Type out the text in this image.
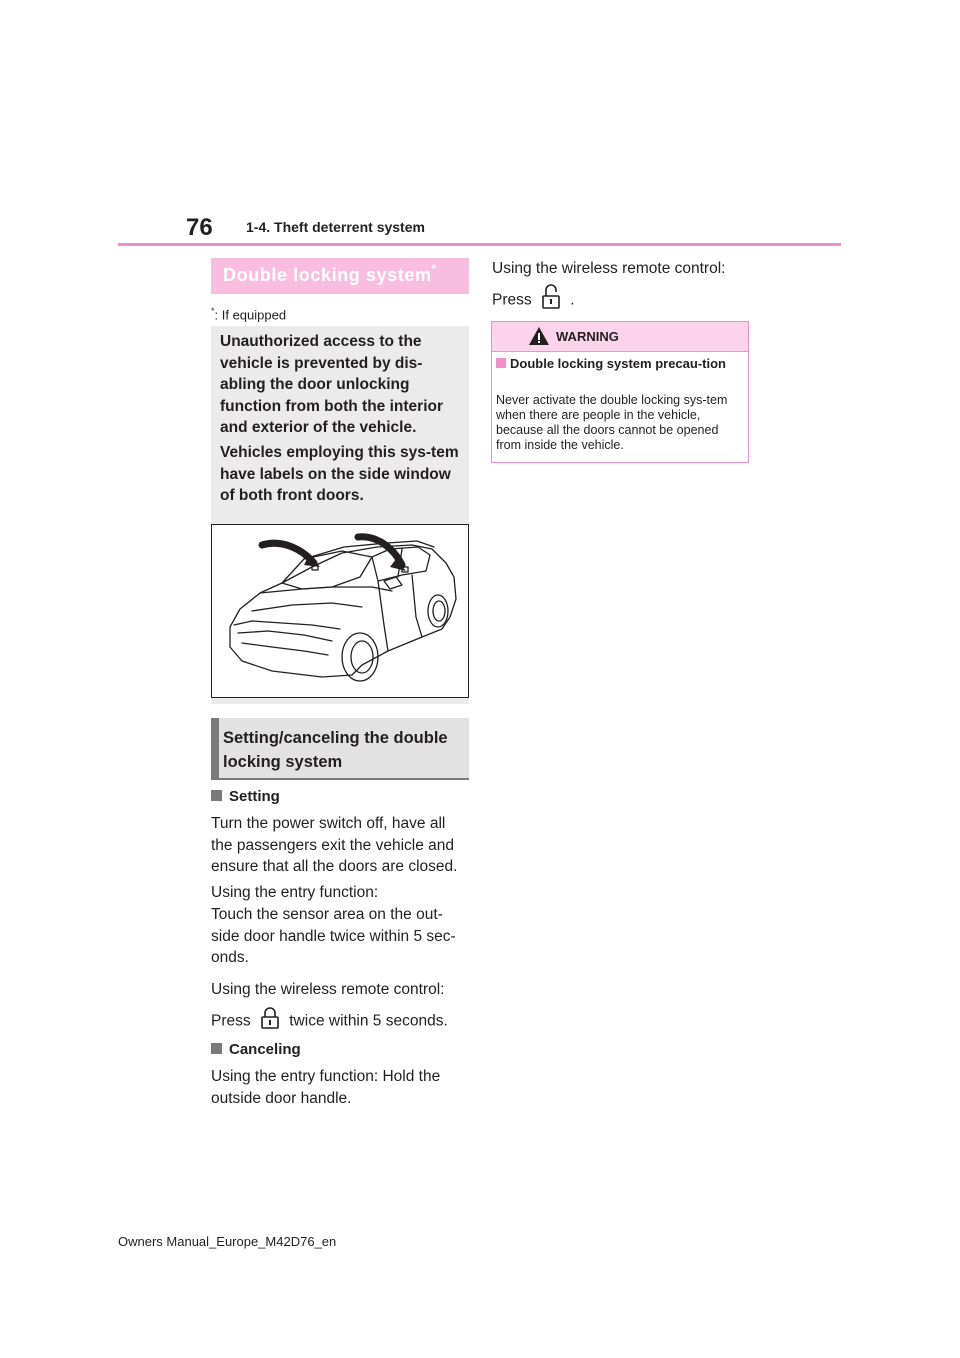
76 1-4. Theft deterrent system
Double locking system*
*: If equipped
Unauthorized access to the vehicle is prevented by dis-abling the door unlocking function from both the interior and exterior of the vehicle.
Vehicles employing this sys-tem have labels on the side window of both front doors.
Setting/canceling the double locking system
Setting
Turn the power switch off, have all the passengers exit the vehicle and ensure that all the doors are closed.
Using the entry function:
Touch the sensor area on the out-side door handle twice within 5 sec-onds.
Using the wireless remote control:
Press twice within 5 seconds.
Canceling
Using the entry function: Hold the outside door handle.
Using the wireless remote control:
Press .
WARNING
Double locking system precau-tion
Never activate the double locking sys-tem when there are people in the vehicle, because all the doors cannot be opened from inside the vehicle.
Owners Manual_Europe_M42D76_en
